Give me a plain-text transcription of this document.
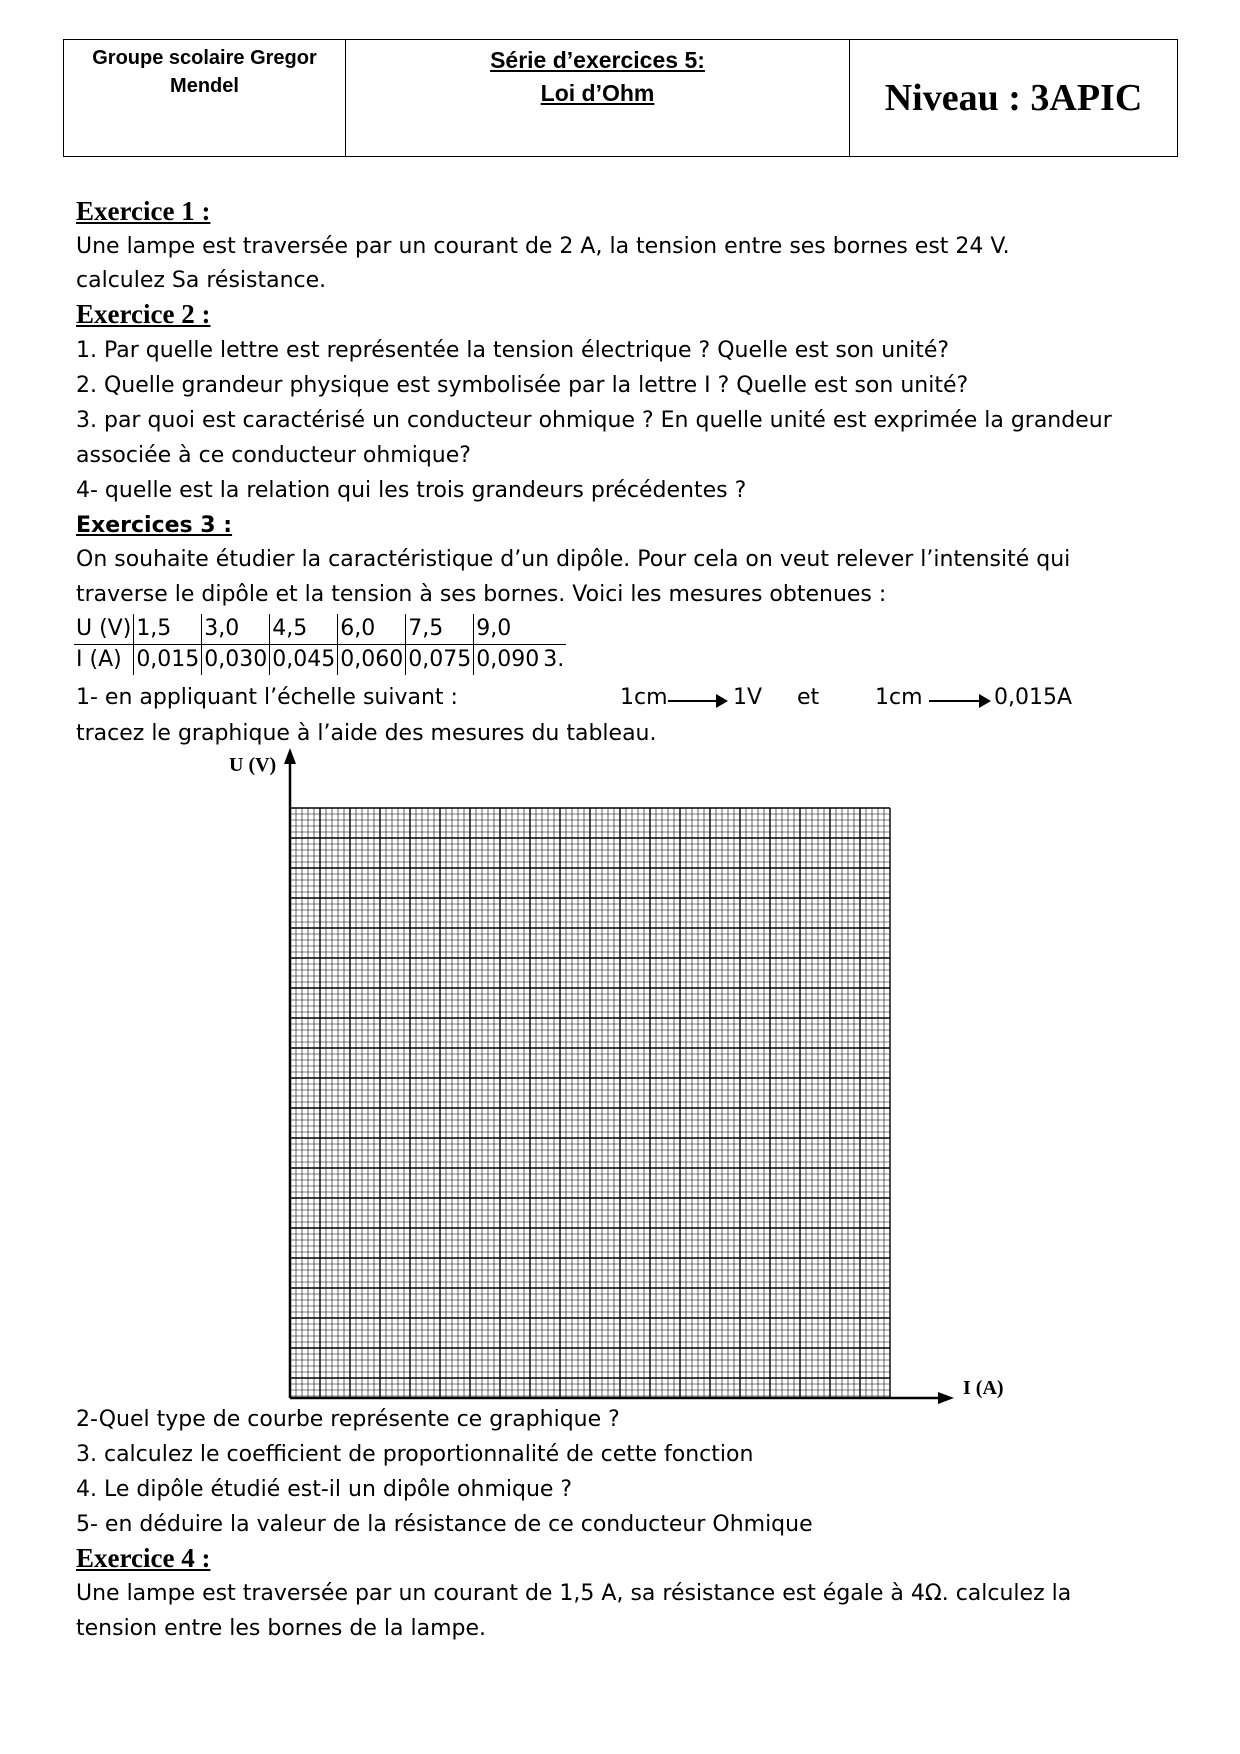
Groupe scolaire Gregor
Mendel
Série d’exercices 5:
Loi d’Ohm	Niveau : 3APIC
Exercice 1 :
Une lampe est traversée par un courant de 2 A, la tension entre ses bornes est 24 V.
calculez Sa résistance.
Exercice 2 :
1. Par quelle lettre est représentée la tension électrique ? Quelle est son unité?
2. Quelle grandeur physique est symbolisée par la lettre I ? Quelle est son unité?
3. par quoi est caractérisé un conducteur ohmique ? En quelle unité est exprimée la grandeur
associée à ce conducteur ohmique?
4- quelle est la relation qui les trois grandeurs précédentes ?
Exercices 3 :
On souhaite étudier la caractéristique d’un dipôle. Pour cela on veut relever l’intensité qui
traverse le dipôle et la tension à ses bornes. Voici les mesures obtenues :
U (V)	1,5	3,0	4,5	6,0	7,5	9,0	
I (A)	0,015	0,030	0,045	0,060	0,075	0,090	3.
1- en appliquant l’échelle suivant :	1cm	1V et	1cm	0,015A
tracez le graphique à l’aide des mesures du tableau.
U (V)
I (A)
2-Quel type de courbe représente ce graphique ?
3. calculez le coefficient de proportionnalité de cette fonction
4. Le dipôle étudié est-il un dipôle ohmique ?
5- en déduire la valeur de la résistance de ce conducteur Ohmique
Exercice 4 :
Une lampe est traversée par un courant de 1,5 A, sa résistance est égale à 4Ω. calculez la
tension entre les bornes de la lampe.
